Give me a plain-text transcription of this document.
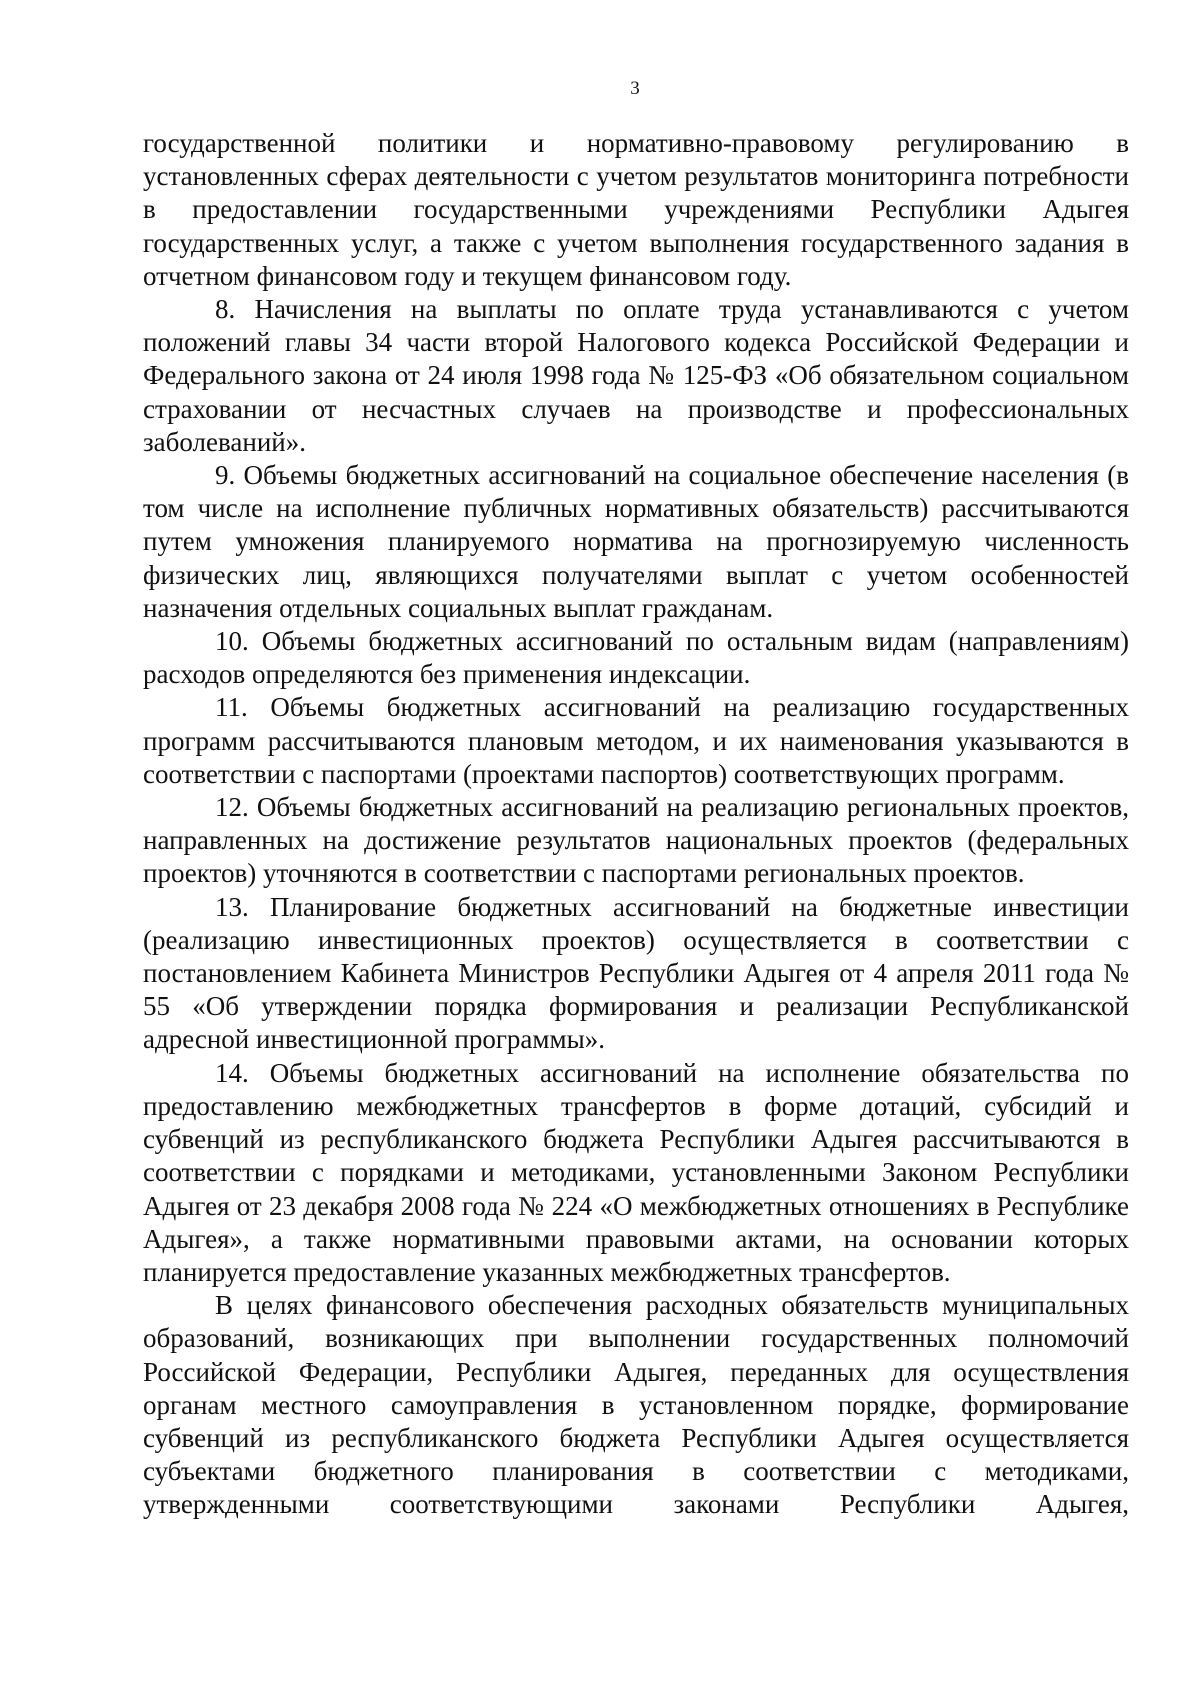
3

государственной политики и нормативно-правовому регулированию в установленных сферах деятельности с учетом результатов мониторинга потребности в предоставлении государственными учреждениями Республики Адыгея государственных услуг, а также с учетом выполнения государственного задания в отчетном финансовом году и текущем финансовом году.

8. Начисления на выплаты по оплате труда устанавливаются с учетом положений главы 34 части второй Налогового кодекса Российской Федерации и Федерального закона от 24 июля 1998 года № 125-ФЗ «Об обязательном социальном страховании от несчастных случаев на производстве и профессиональных заболеваний».

9. Объемы бюджетных ассигнований на социальное обеспечение населения (в том числе на исполнение публичных нормативных обязательств) рассчитываются путем умножения планируемого норматива на прогнозируемую численность физических лиц, являющихся получателями выплат с учетом особенностей назначения отдельных социальных выплат гражданам.

10. Объемы бюджетных ассигнований по остальным видам (направлениям) расходов определяются без применения индексации.

11. Объемы бюджетных ассигнований на реализацию государственных программ рассчитываются плановым методом, и их наименования указываются в соответствии с паспортами (проектами паспортов) соответствующих программ.

12. Объемы бюджетных ассигнований на реализацию региональных проектов, направленных на достижение результатов национальных проектов (федеральных проектов) уточняются в соответствии с паспортами региональных проектов.

13. Планирование бюджетных ассигнований на бюджетные инвестиции (реализацию инвестиционных проектов) осуществляется в соответствии с постановлением Кабинета Министров Республики Адыгея от 4 апреля 2011 года № 55 «Об утверждении порядка формирования и реализации Республиканской адресной инвестиционной программы».

14. Объемы бюджетных ассигнований на исполнение обязательства по предоставлению межбюджетных трансфертов в форме дотаций, субсидий и субвенций из республиканского бюджета Республики Адыгея рассчитываются в соответствии с порядками и методиками, установленными Законом Республики Адыгея от 23 декабря 2008 года № 224 «О межбюджетных отношениях в Республике Адыгея», а также нормативными правовыми актами, на основании которых планируется предоставление указанных межбюджетных трансфертов.

В целях финансового обеспечения расходных обязательств муниципальных образований, возникающих при выполнении государственных полномочий Российской Федерации, Республики Адыгея, переданных для осуществления органам местного самоуправления в установленном порядке, формирование субвенций из республиканского бюджета Республики Адыгея осуществляется субъектами бюджетного планирования в соответствии с методиками, утвержденными соответствующими законами Республики Адыгея,
